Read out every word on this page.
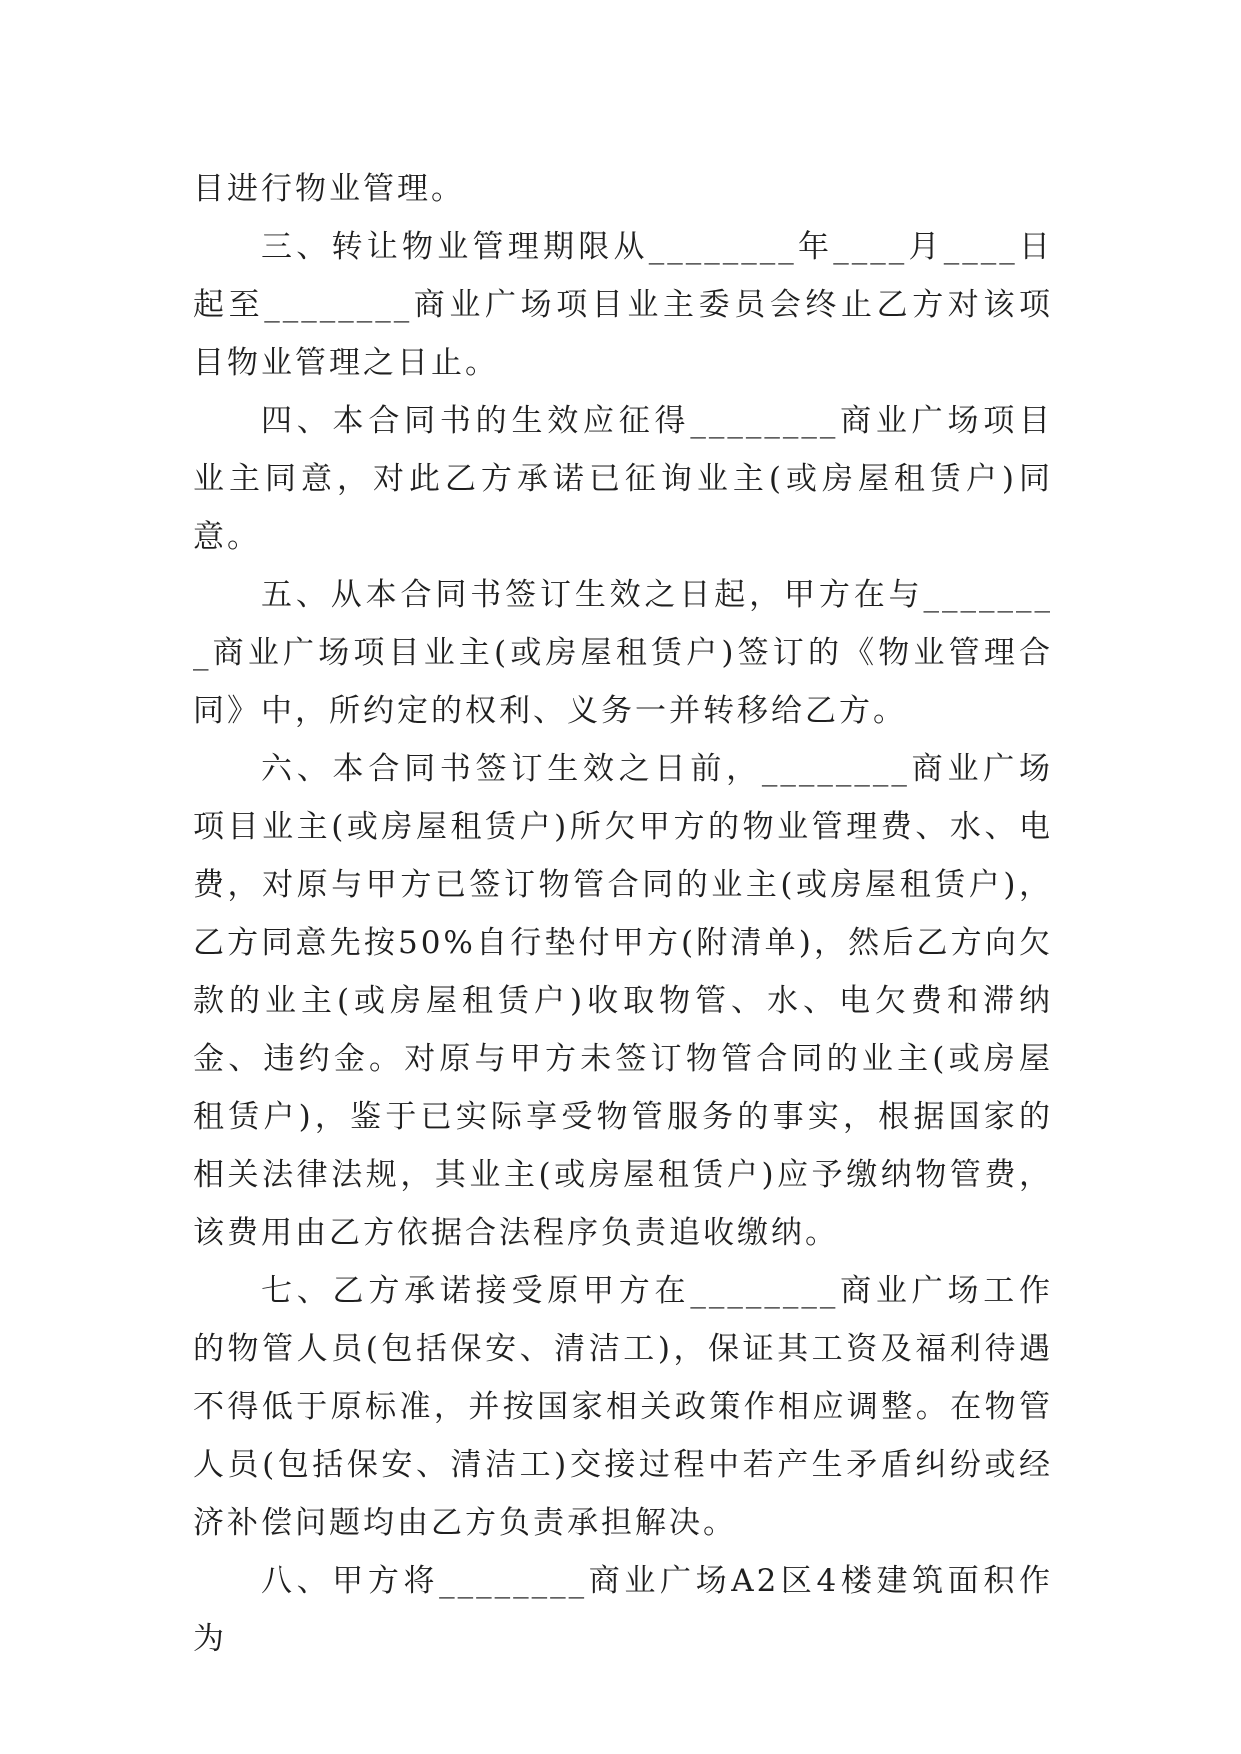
目进行物业管理。

三、转让物业管理期限从________年____月____日起至________商业广场项目业主委员会终止乙方对该项目物业管理之日止。

四、本合同书的生效应征得________商业广场项目业主同意，对此乙方承诺已征询业主(或房屋租赁户)同意。

五、从本合同书签订生效之日起，甲方在与________商业广场项目业主(或房屋租赁户)签订的《物业管理合同》中，所约定的权利、义务一并转移给乙方。

六、本合同书签订生效之日前，________商业广场项目业主(或房屋租赁户)所欠甲方的物业管理费、水、电费，对原与甲方已签订物管合同的业主(或房屋租赁户)，乙方同意先按50%自行垫付甲方(附清单)，然后乙方向欠款的业主(或房屋租赁户)收取物管、水、电欠费和滞纳金、违约金。对原与甲方未签订物管合同的业主(或房屋租赁户)，鉴于已实际享受物管服务的事实，根据国家的相关法律法规，其业主(或房屋租赁户)应予缴纳物管费，该费用由乙方依据合法程序负责追收缴纳。

七、乙方承诺接受原甲方在________商业广场工作的物管人员(包括保安、清洁工)，保证其工资及福利待遇不得低于原标准，并按国家相关政策作相应调整。在物管人员(包括保安、清洁工)交接过程中若产生矛盾纠纷或经济补偿问题均由乙方负责承担解决。

八、甲方将________商业广场A2区4楼建筑面积作为
